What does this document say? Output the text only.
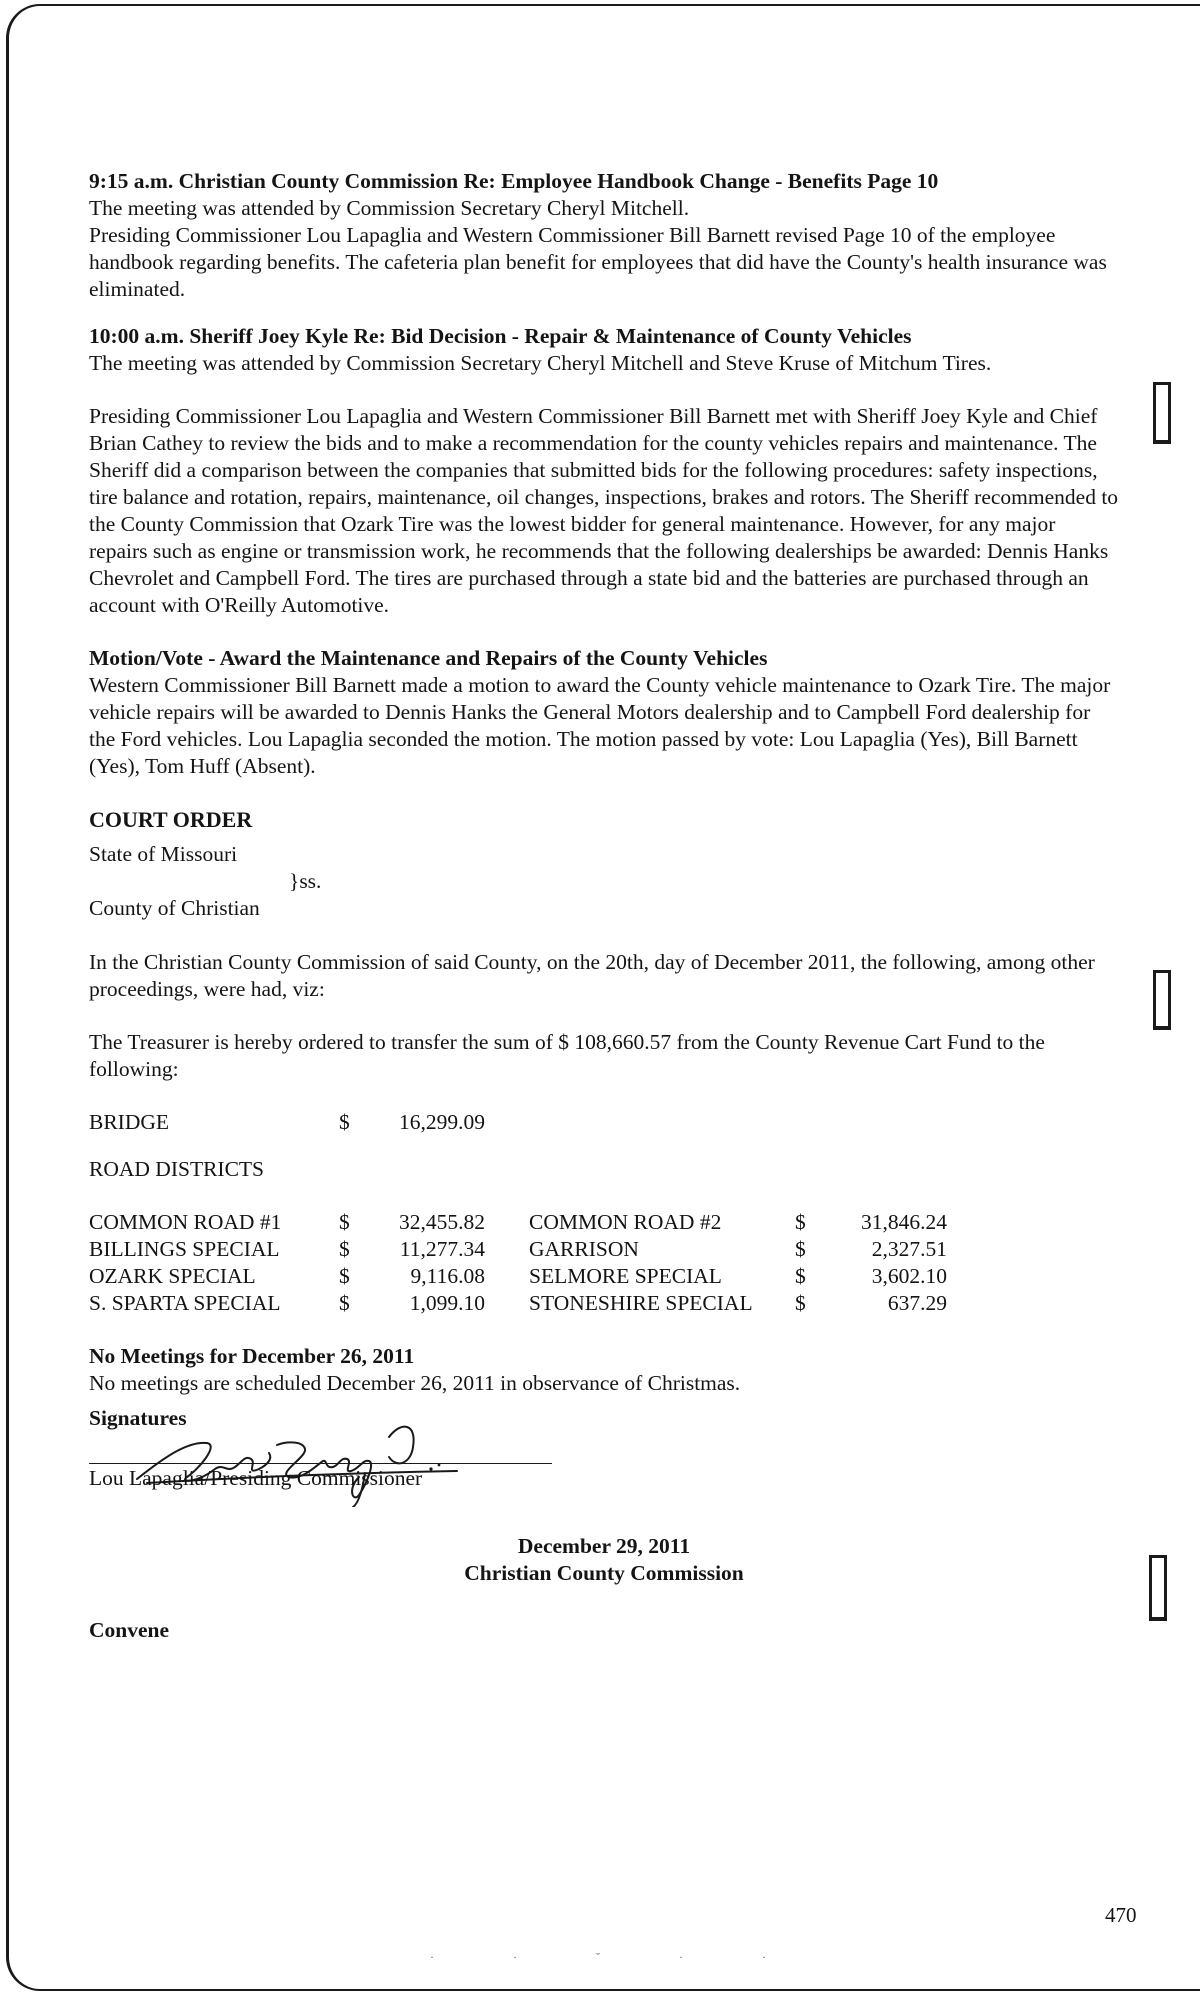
9:15 a.m. Christian County Commission Re: Employee Handbook Change - Benefits Page 10

The meeting was attended by Commission Secretary Cheryl Mitchell.

Presiding Commissioner Lou Lapaglia and Western Commissioner Bill Barnett revised Page 10 of the employee handbook regarding benefits. The cafeteria plan benefit for employees that did have the County's health insurance was eliminated.

10:00 a.m. Sheriff Joey Kyle Re: Bid Decision - Repair & Maintenance of County Vehicles

The meeting was attended by Commission Secretary Cheryl Mitchell and Steve Kruse of Mitchum Tires.

Presiding Commissioner Lou Lapaglia and Western Commissioner Bill Barnett met with Sheriff Joey Kyle and Chief Brian Cathey to review the bids and to make a recommendation for the county vehicles repairs and maintenance. The Sheriff did a comparison between the companies that submitted bids for the following procedures: safety inspections, tire balance and rotation, repairs, maintenance, oil changes, inspections, brakes and rotors. The Sheriff recommended to the County Commission that Ozark Tire was the lowest bidder for general maintenance. However, for any major repairs such as engine or transmission work, he recommends that the following dealerships be awarded: Dennis Hanks Chevrolet and Campbell Ford. The tires are purchased through a state bid and the batteries are purchased through an account with O'Reilly Automotive.

Motion/Vote - Award the Maintenance and Repairs of the County Vehicles

Western Commissioner Bill Barnett made a motion to award the County vehicle maintenance to Ozark Tire. The major vehicle repairs will be awarded to Dennis Hanks the General Motors dealership and to Campbell Ford dealership for the Ford vehicles. Lou Lapaglia seconded the motion. The motion passed by vote: Lou Lapaglia (Yes), Bill Barnett (Yes), Tom Huff (Absent).

COURT ORDER

State of Missouri
}ss.
County of Christian

In the Christian County Commission of said County, on the 20th, day of December 2011, the following, among other proceedings, were had, viz:

The Treasurer is hereby ordered to transfer the sum of $ 108,660.57 from the County Revenue Cart Fund to the following:

BRIDGE	$	16,299.09

ROAD DISTRICTS

COMMON ROAD #1	$	32,455.82 COMMON ROAD #2	$	31,846.24
BILLINGS SPECIAL	$	11,277.34 GARRISON	$	2,327.51
OZARK SPECIAL	$	9,116.08 SELMORE SPECIAL	$	3,602.10
S. SPARTA SPECIAL	$	1,099.10 STONESHIRE SPECIAL	$	637.29

No Meetings for December 26, 2011

No meetings are scheduled December 26, 2011 in observance of Christmas.

Signatures
Lou Lapaglia/Presiding Commissioner

December 29, 2011

Christian County Commission

Convene

470
· · ˘ · ·
